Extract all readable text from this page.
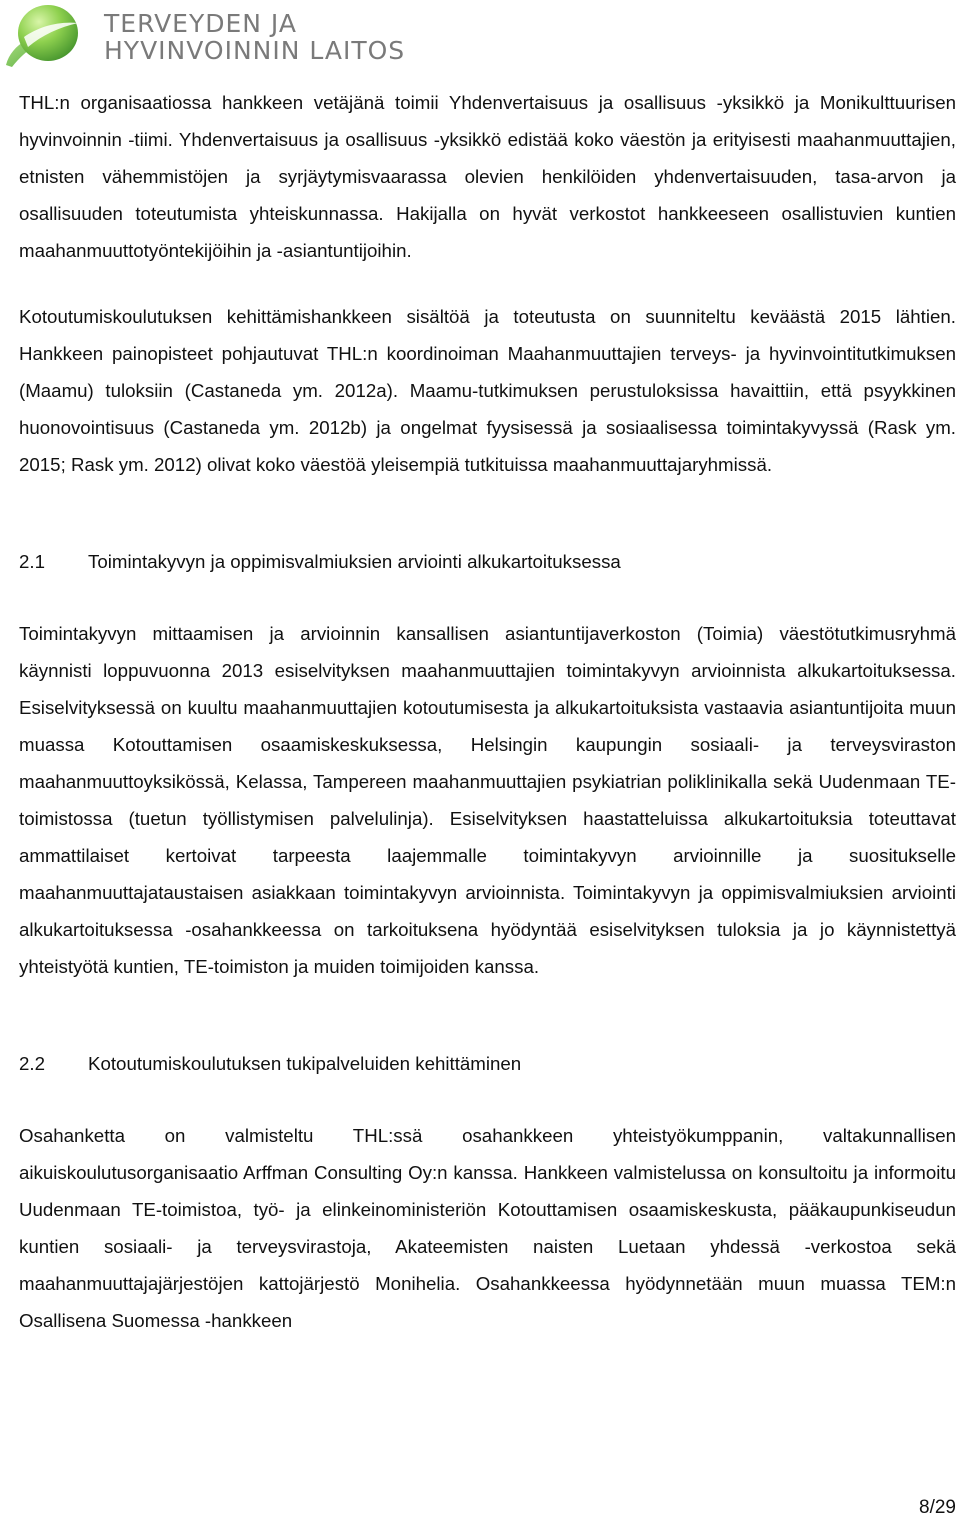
TERVEYDEN JA
HYVINVOINNIN LAITOS

THL:n organisaatiossa hankkeen vetäjänä toimii Yhdenvertaisuus ja osallisuus -yksikkö ja Monikulttuurisen hyvinvoinnin -tiimi. Yhdenvertaisuus ja osallisuus -yksikkö edistää koko väestön ja erityisesti maahanmuuttajien, etnisten vähemmistöjen ja syrjäytymisvaarassa olevien henkilöiden yhdenvertaisuuden, tasa-arvon ja osallisuuden toteutumista yhteiskunnassa. Hakijalla on hyvät verkostot hankkeeseen osallistuvien kuntien maahanmuuttotyöntekijöihin ja -asiantuntijoihin.

Kotoutumiskoulutuksen kehittämishankkeen sisältöä ja toteutusta on suunniteltu keväästä 2015 lähtien. Hankkeen painopisteet pohjautuvat THL:n koordinoiman Maahanmuuttajien terveys- ja hyvinvointitutkimuksen (Maamu) tuloksiin (Castaneda ym. 2012a). Maamu-tutkimuksen perustuloksissa havaittiin, että psyykkinen huonovointisuus (Castaneda ym. 2012b) ja ongelmat fyysisessä ja sosiaalisessa toimintakyvyssä (Rask ym. 2015; Rask ym. 2012) olivat koko väestöä yleisempiä tutkituissa maahanmuuttajaryhmissä.

2.1	Toimintakyvyn ja oppimisvalmiuksien arviointi alkukartoituksessa

Toimintakyvyn mittaamisen ja arvioinnin kansallisen asiantuntijaverkoston (Toimia) väestötutkimusryhmä käynnisti loppuvuonna 2013 esiselvityksen maahanmuuttajien toimintakyvyn arvioinnista alkukartoituksessa. Esiselvityksessä on kuultu maahanmuuttajien kotoutumisesta ja alkukartoituksista vastaavia asiantuntijoita muun muassa Kotouttamisen osaamiskeskuksessa, Helsingin kaupungin sosiaali- ja terveysviraston maahanmuuttoyksikössä, Kelassa, Tampereen maahanmuuttajien psykiatrian poliklinikalla sekä Uudenmaan TE-toimistossa (tuetun työllistymisen palvelulinja). Esiselvityksen haastatteluissa alkukartoituksia toteuttavat ammattilaiset kertoivat tarpeesta laajemmalle toimintakyvyn arvioinnille ja suositukselle maahanmuuttajataustaisen asiakkaan toimintakyvyn arvioinnista. Toimintakyvyn ja oppimisvalmiuksien arviointi alkukartoituksessa -osahankkeessa on tarkoituksena hyödyntää esiselvityksen tuloksia ja jo käynnistettyä yhteistyötä kuntien, TE-toimiston ja muiden toimijoiden kanssa.

2.2	Kotoutumiskoulutuksen tukipalveluiden kehittäminen

Osahanketta on valmisteltu THL:ssä osahankkeen yhteistyökumppanin, valtakunnallisen aikuiskoulutusorganisaatio Arffman Consulting Oy:n kanssa. Hankkeen valmistelussa on konsultoitu ja informoitu Uudenmaan TE-toimistoa, työ- ja elinkeinoministeriön Kotouttamisen osaamiskeskusta, pääkaupunkiseudun kuntien sosiaali- ja terveysvirastoja, Akateemisten naisten Luetaan yhdessä -verkostoa sekä maahanmuuttajajärjestöjen kattojärjestö Monihelia. Osahankkeessa hyödynnetään muun muassa TEM:n Osallisena Suomessa -hankkeen

8/29
